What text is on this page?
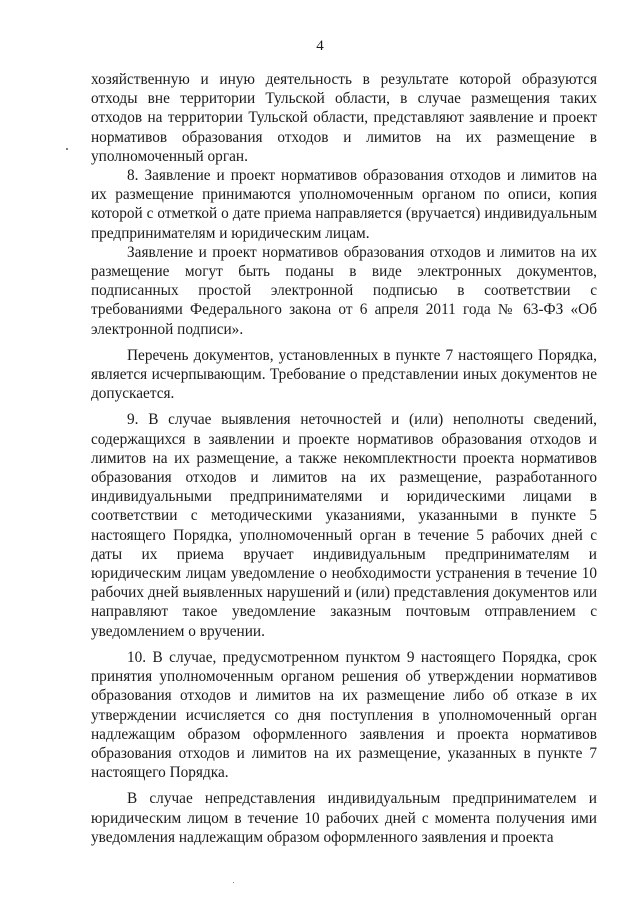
4

хозяйственную и иную деятельность в результате которой образуются отходы вне территории Тульской области, в случае размещения таких отходов на территории Тульской области, представляют заявление и проект нормативов образования отходов и лимитов на их размещение в уполномоченный орган.

8. Заявление и проект нормативов образования отходов и лимитов на их размещение принимаются уполномоченным органом по описи, копия которой с отметкой о дате приема направляется (вручается) индивидуальным предпринимателям и юридическим лицам.

Заявление и проект нормативов образования отходов и лимитов на их размещение могут быть поданы в виде электронных документов, подписанных простой электронной подписью в соответствии с требованиями Федерального закона от 6 апреля 2011 года № 63-ФЗ «Об электронной подписи».

Перечень документов, установленных в пункте 7 настоящего Порядка, является исчерпывающим. Требование о представлении иных документов не допускается.

9. В случае выявления неточностей и (или) неполноты сведений, содержащихся в заявлении и проекте нормативов образования отходов и лимитов на их размещение, а также некомплектности проекта нормативов образования отходов и лимитов на их размещение, разработанного индивидуальными предпринимателями и юридическими лицами в соответствии с методическими указаниями, указанными в пункте 5 настоящего Порядка, уполномоченный орган в течение 5 рабочих дней с даты их приема вручает индивидуальным предпринимателям и юридическим лицам уведомление о необходимости устранения в течение 10 рабочих дней выявленных нарушений и (или) представления документов или направляют такое уведомление заказным почтовым отправлением с уведомлением о вручении.

10. В случае, предусмотренном пунктом 9 настоящего Порядка, срок принятия уполномоченным органом решения об утверждении нормативов образования отходов и лимитов на их размещение либо об отказе в их утверждении исчисляется со дня поступления в уполномоченный орган надлежащим образом оформленного заявления и проекта нормативов образования отходов и лимитов на их размещение, указанных в пункте 7 настоящего Порядка.

В случае непредставления индивидуальным предпринимателем и юридическим лицом в течение 10 рабочих дней с момента получения ими уведомления надлежащим образом оформленного заявления и проекта
